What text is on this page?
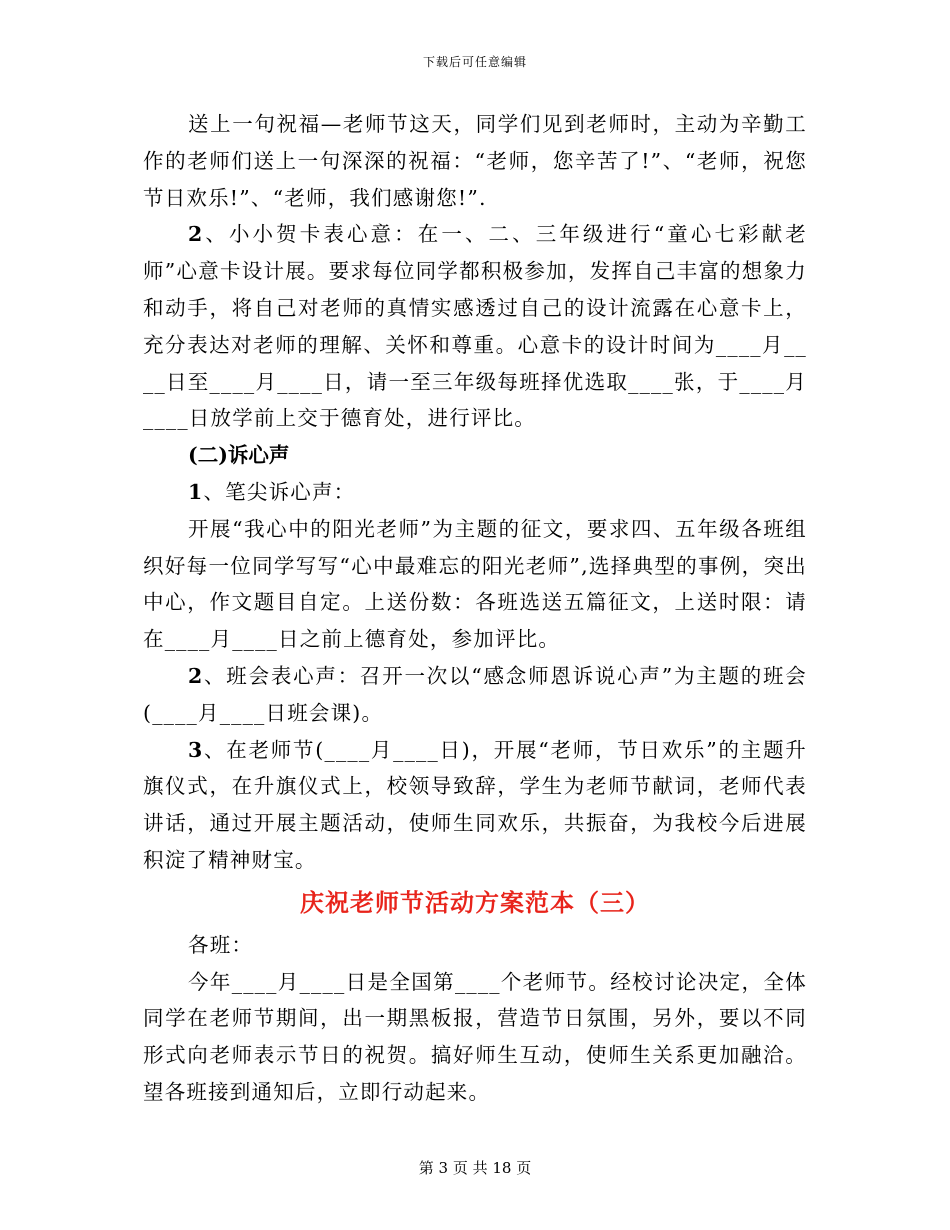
下载后可任意编辑

送上一句祝福—老师节这天，同学们见到老师时，主动为辛勤工作的老师们送上一句深深的祝福：“老师，您辛苦了!”、“老师，祝您节日欢乐!”、“老师，我们感谢您!”.

2、小小贺卡表心意：在一、二、三年级进行“童心七彩献老师”心意卡设计展。要求每位同学都积极参加，发挥自己丰富的想象力和动手，将自己对老师的真情实感透过自己的设计流露在心意卡上，充分表达对老师的理解、关怀和尊重。心意卡的设计时间为____月____日至____月____日，请一至三年级每班择优选取____张，于____月____日放学前上交于德育处，进行评比。

(二)诉心声

1、笔尖诉心声：

开展“我心中的阳光老师”为主题的征文，要求四、五年级各班组织好每一位同学写写“心中最难忘的阳光老师”,选择典型的事例，突出中心，作文题目自定。上送份数：各班选送五篇征文，上送时限：请在____月____日之前上德育处，参加评比。

2、班会表心声：召开一次以“感念师恩诉说心声”为主题的班会(____月____日班会课)。

3、在老师节(____月____日)，开展“老师，节日欢乐”的主题升旗仪式，在升旗仪式上，校领导致辞，学生为老师节献词，老师代表讲话，通过开展主题活动，使师生同欢乐，共振奋，为我校今后进展积淀了精神财宝。

庆祝老师节活动方案范本（三）

各班：

今年____月____日是全国第____个老师节。经校讨论决定，全体同学在老师节期间，出一期黑板报，营造节日氛围，另外，要以不同形式向老师表示节日的祝贺。搞好师生互动，使师生关系更加融洽。望各班接到通知后，立即行动起来。

第 3 页 共 18 页
